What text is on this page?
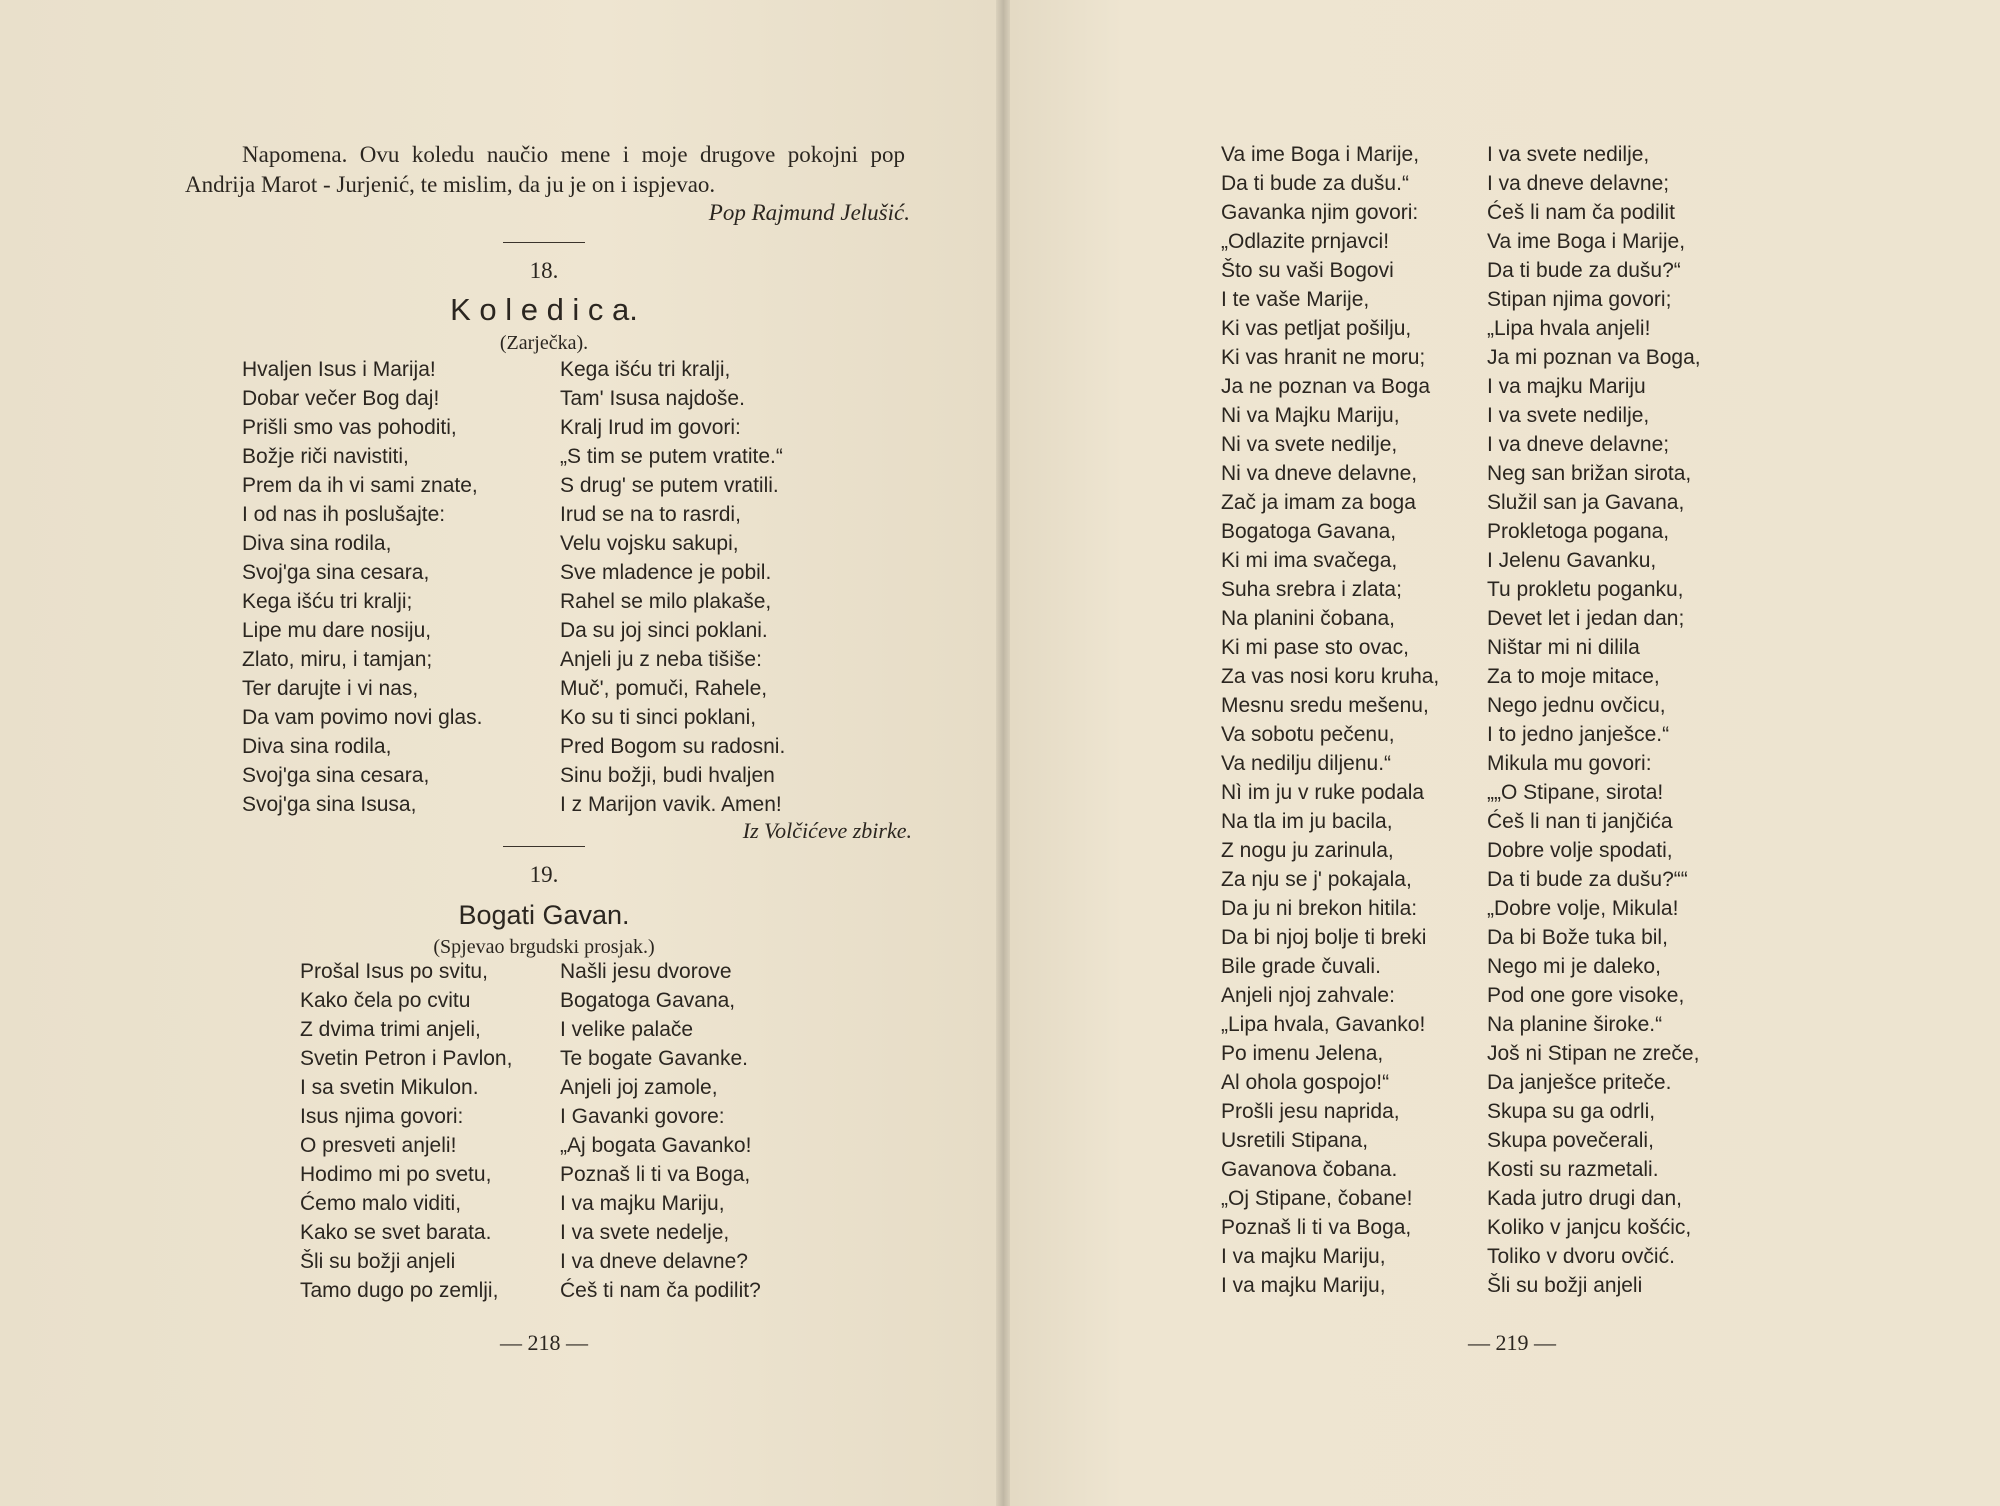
Napomena. Ovu koledu naučio mene i moje drugove pokojni pop Andrija Marot - Jurjenić, te mislim, da ju je on i ispjevao.

Pop Rajmund Jelušić.
18.
K o l e d i c a.
(Zarječka).
Hvaljen Isus i Marija!
Dobar večer Bog daj!
Prišli smo vas pohoditi,
Božje riči navistiti,
Prem da ih vi sami znate,
I od nas ih poslušajte:
Diva sina rodila,
Svoj'ga sina cesara,
Kega išću tri kralji;
Lipe mu dare nosiju,
Zlato, miru, i tamjan;
Ter darujte i vi nas,
Da vam povimo novi glas.
Diva sina rodila,
Svoj'ga sina cesara,
Svoj'ga sina Isusa,
Kega išću tri kralji,
Tam' Isusa najdoše.
Kralj Irud im govori:
„S tim se putem vratite.“
S drug' se putem vratili.
Irud se na to rasrdi,
Velu vojsku sakupi,
Sve mladence je pobil.
Rahel se milo plakaše,
Da su joj sinci poklani.
Anjeli ju z neba tišiše:
Muč', pomuči, Rahele,
Ko su ti sinci poklani,
Pred Bogom su radosni.
Sinu božji, budi hvaljen
I z Marijon vavik. Amen!
Iz Volčićeve zbirke.
19.
Bogati Gavan.
(Spjevao brgudski prosjak.)
Prošal Isus po svitu,
Kako čela po cvitu
Z dvima trimi anjeli,
Svetin Petron i Pavlon,
I sa svetin Mikulon.
Isus njima govori:
O presveti anjeli!
Hodimo mi po svetu,
Ćemo malo viditi,
Kako se svet barata.
Šli su božji anjeli
Tamo dugo po zemlji,
Našli jesu dvorove
Bogatoga Gavana,
I velike palače
Te bogate Gavanke.
Anjeli joj zamole,
I Gavanki govore:
„Aj bogata Gavanko!
Poznaš li ti va Boga,
I va majku Mariju,
I va svete nedelje,
I va dneve delavne?
Ćeš ti nam ča podilit?
— 218 —
Va ime Boga i Marije,
Da ti bude za dušu.“
Gavanka njim govori:
„Odlazite prnjavci!
Što su vaši Bogovi
I te vaše Marije,
Ki vas petljat pošilju,
Ki vas hranit ne moru;
Ja ne poznan va Boga
Ni va Majku Mariju,
Ni va svete nedilje,
Ni va dneve delavne,
Zač ja imam za boga
Bogatoga Gavana,
Ki mi ima svačega,
Suha srebra i zlata;
Na planini čobana,
Ki mi pase sto ovac,
Za vas nosi koru kruha,
Mesnu sredu mešenu,
Va sobotu pečenu,
Va nedilju diljenu.“
Nì im ju v ruke podala
Na tla im ju bacila,
Z nogu ju zarinula,
Za nju se j' pokajala,
Da ju ni brekon hitila:
Da bi njoj bolje ti breki
Bile grade čuvali.
Anjeli njoj zahvale:
„Lipa hvala, Gavanko!
Po imenu Jelena,
Al ohola gospojo!“
Prošli jesu naprida,
Usretili Stipana,
Gavanova čobana.
„Oj Stipane, čobane!
Poznaš li ti va Boga,
I va majku Mariju,
I va majku Mariju,
I va svete nedilje,
I va dneve delavne;
Ćeš li nam ča podilit
Va ime Boga i Marije,
Da ti bude za dušu?“
Stipan njima govori;
„Lipa hvala anjeli!
Ja mi poznan va Boga,
I va majku Mariju
I va svete nedilje,
I va dneve delavne;
Neg san brižan sirota,
Služil san ja Gavana,
Prokletoga pogana,
I Jelenu Gavanku,
Tu prokletu poganku,
Devet let i jedan dan;
Ništar mi ni dilila
Za to moje mitace,
Nego jednu ovčicu,
I to jedno janješce.“
Mikula mu govori:
„„O Stipane, sirota!
Ćeš li nan ti janjčića
Dobre volje spodati,
Da ti bude za dušu?““
„Dobre volje, Mikula!
Da bi Bože tuka bil,
Nego mi je daleko,
Pod one gore visoke,
Na planine široke.“
Još ni Stipan ne zreče,
Da janješce priteče.
Skupa su ga odrli,
Skupa povečerali,
Kosti su razmetali.
Kada jutro drugi dan,
Koliko v janjcu košćic,
Toliko v dvoru ovčić.
Šli su božji anjeli
— 219 —
